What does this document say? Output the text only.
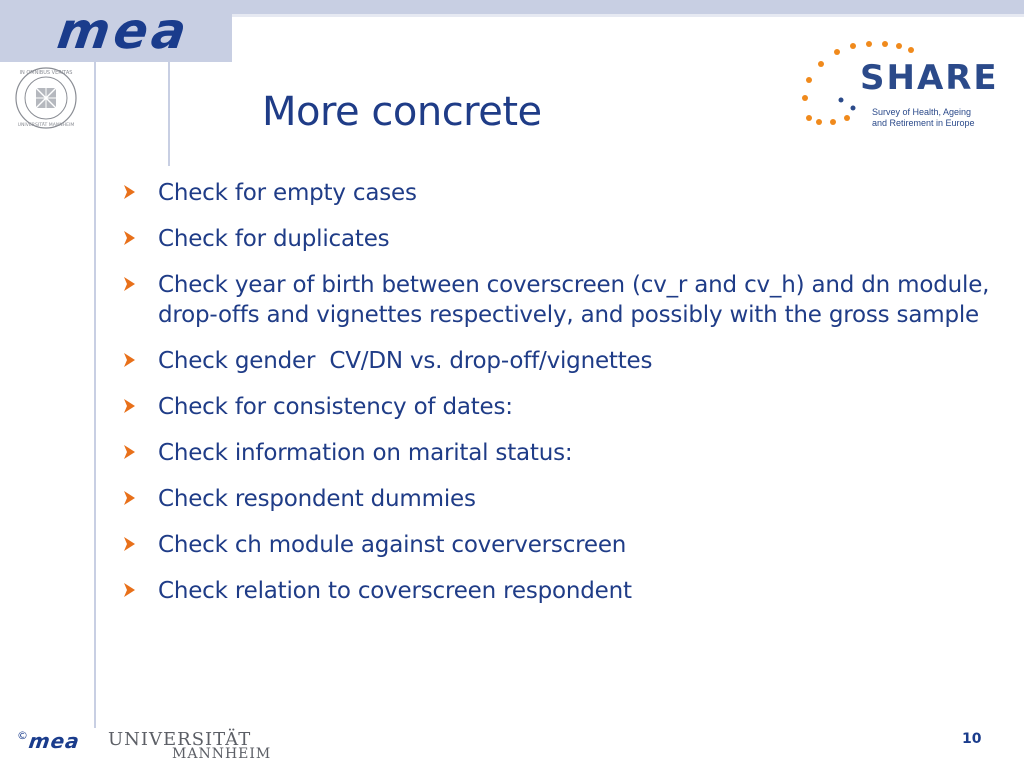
mea
IN OMNIBUS VERITAS
UNIVERSITÄT MANNHEIM	More concrete
SHARE
Survey of Health, Ageing
and Retirement in Europe
Check for empty cases
Check for duplicates
Check year of birth between coverscreen (cv_r and cv_h) and dn module, drop-offs and vignettes respectively, and possibly with the gross sample
Check gender  CV/DN vs. drop-off/vignettes
Check for consistency of dates:
Check information on marital status:
Check respondent dummies
Check ch module against coververscreen
Check relation to coverscreen respondent
© mea UNIVERSITÄT
MANNHEIM
10
